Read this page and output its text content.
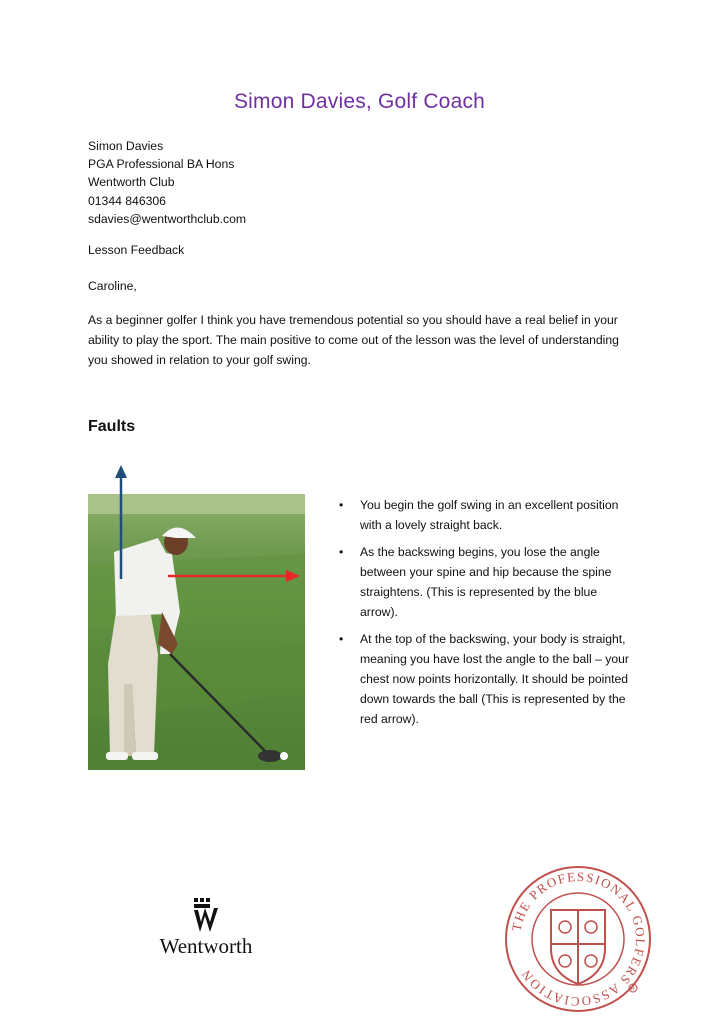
Simon Davies, Golf Coach
Simon Davies
PGA Professional BA Hons
Wentworth Club
01344 846306
sdavies@wentworthclub.com
Lesson Feedback
Caroline,
As a beginner golfer I think you have tremendous potential so you should have a real belief in your ability to play the sport. The main positive to come out of the lesson was the level of understanding you showed in relation to your golf swing.
Faults
• You begin the golf swing in an excellent position with a lovely straight back.
• As the backswing begins, you lose the angle between your spine and hip because the spine straightens. (This is represented by the blue arrow).
• At the top of the backswing, your body is straight, meaning you have lost the angle to the ball – your chest now points horizontally. It should be pointed down towards the ball (This is represented by the red arrow).
Wentworth
THE PROFESSIONAL GOLFERS ASSOCIATION
R
